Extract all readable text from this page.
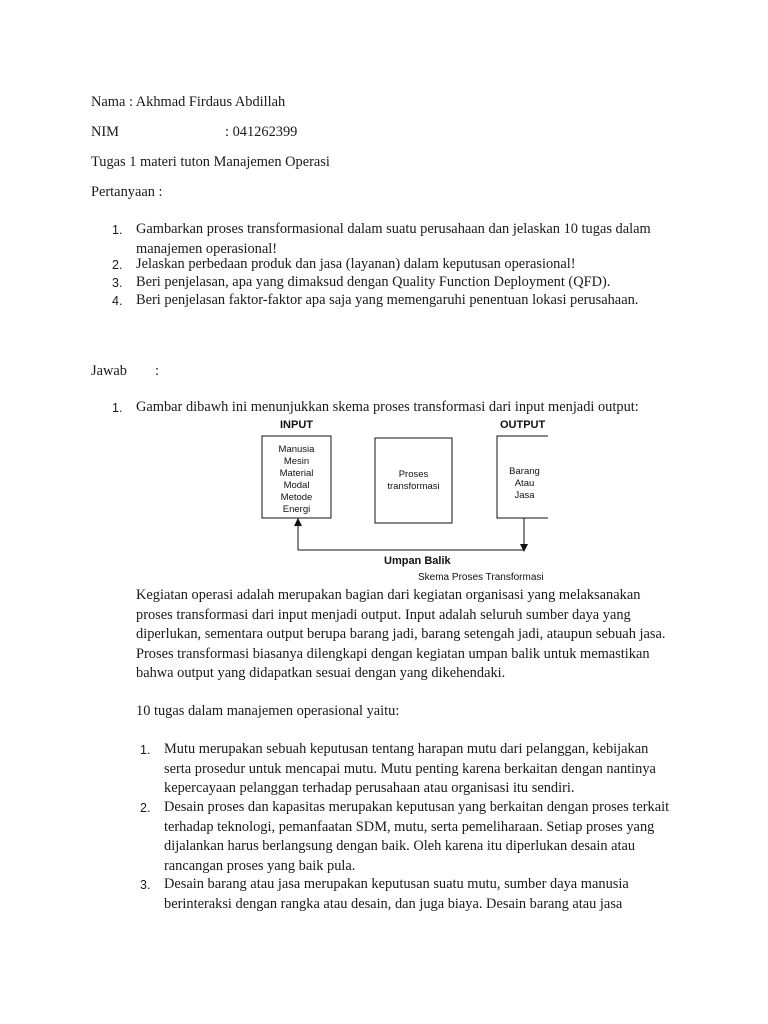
Nama : Akhmad Firdaus Abdillah
NIM	: 041262399
Tugas 1 materi tuton Manajemen Operasi
Pertanyaan :
1. Gambarkan proses transformasional dalam suatu perusahaan dan jelaskan 10 tugas dalam manajemen operasional!
2. Jelaskan perbedaan produk dan jasa (layanan) dalam keputusan operasional!
3. Beri penjelasan, apa yang dimaksud dengan Quality Function Deployment (QFD).
4. Beri penjelasan faktor-faktor apa saja yang memengaruhi penentuan lokasi perusahaan.
Jawab :
1. Gambar dibawh ini menunjukkan skema proses transformasi dari input menjadi output:
INPUT	OUTPUT
Manusia
Mesin
Material
Modal
Metode
Energi
Proses
transformasi
Barang
Atau
Jasa
Umpan Balik
Skema Proses Transformasi
Kegiatan operasi adalah merupakan bagian dari kegiatan organisasi yang melaksanakan proses transformasi dari input menjadi output. Input adalah seluruh sumber daya yang diperlukan, sementara output berupa barang jadi, barang setengah jadi, ataupun sebuah jasa. Proses transformasi biasanya dilengkapi dengan kegiatan umpan balik untuk memastikan bahwa output yang didapatkan sesuai dengan yang dikehendaki.
10 tugas dalam manajemen operasional yaitu:
1. Mutu merupakan sebuah keputusan tentang harapan mutu dari pelanggan, kebijakan serta prosedur untuk mencapai mutu. Mutu penting karena berkaitan dengan nantinya kepercayaan pelanggan terhadap perusahaan atau organisasi itu sendiri.
2. Desain proses dan kapasitas merupakan keputusan yang berkaitan dengan proses terkait terhadap teknologi, pemanfaatan SDM, mutu, serta pemeliharaan. Setiap proses yang dijalankan harus berlangsung dengan baik. Oleh karena itu diperlukan desain atau rancangan proses yang baik pula.
3. Desain barang atau jasa merupakan keputusan suatu mutu, sumber daya manusia berinteraksi dengan rangka atau desain, dan juga biaya. Desain barang atau jasa
